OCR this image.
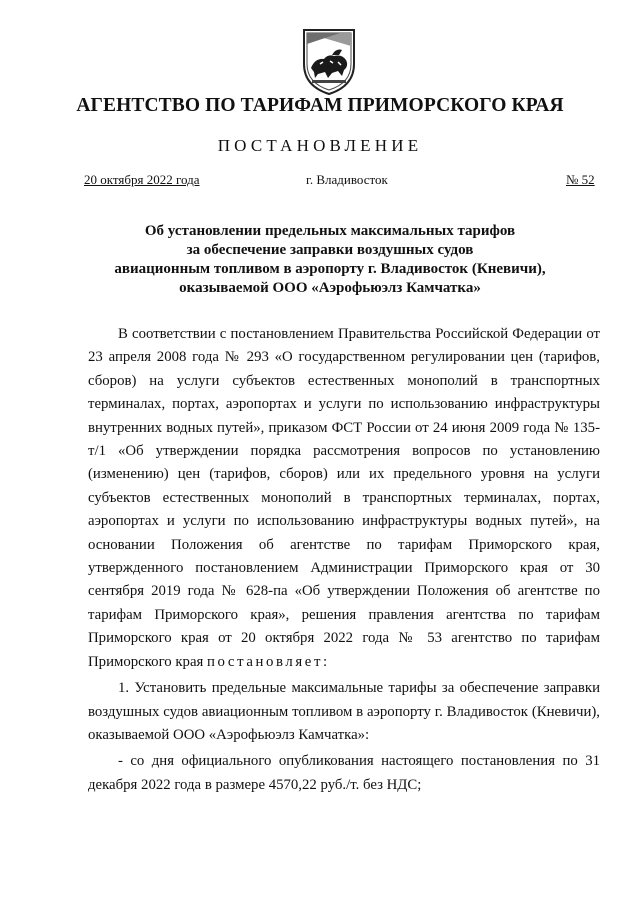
АГЕНТСТВО ПО ТАРИФАМ ПРИМОРСКОГО КРАЯ
ПОСТАНОВЛЕНИЕ
20 октября 2022 года	г. Владивосток	№ 52
Об установлении предельных максимальных тарифов
за обеспечение заправки воздушных судов
авиационным топливом в аэропорту г. Владивосток (Кневичи),
оказываемой ООО «Аэрофьюэлз Камчатка»

В соответствии с постановлением Правительства Российской Федерации от 23 апреля 2008 года № 293 «О государственном регулировании цен (тарифов, сборов) на услуги субъектов естественных монополий в транспортных терминалах, портах, аэропортах и услуги по использованию инфраструктуры внутренних водных путей», приказом ФСТ России от 24 июня 2009 года № 135-т/1 «Об утверждении порядка рассмотрения вопросов по установлению (изменению) цен (тарифов, сборов) или их предельного уровня на услуги субъектов естественных монополий в транспортных терминалах, портах, аэропортах и услуги по использованию инфраструктуры водных путей», на основании Положения об агентстве по тарифам Приморского края, утвержденного постановлением Администрации Приморского края от 30 сентября 2019 года № 628-па «Об утверждении Положения об агентстве по тарифам Приморского края», решения правления агентства по тарифам Приморского края от 20 октября 2022 года № 53 агентство по тарифам Приморского края постановляет:

1. Установить предельные максимальные тарифы за обеспечение заправки воздушных судов авиационным топливом в аэропорту г. Владивосток (Кневичи), оказываемой ООО «Аэрофьюэлз Камчатка»:

- со дня официального опубликования настоящего постановления по 31 декабря 2022 года в размере 4570,22 руб./т. без НДС;
